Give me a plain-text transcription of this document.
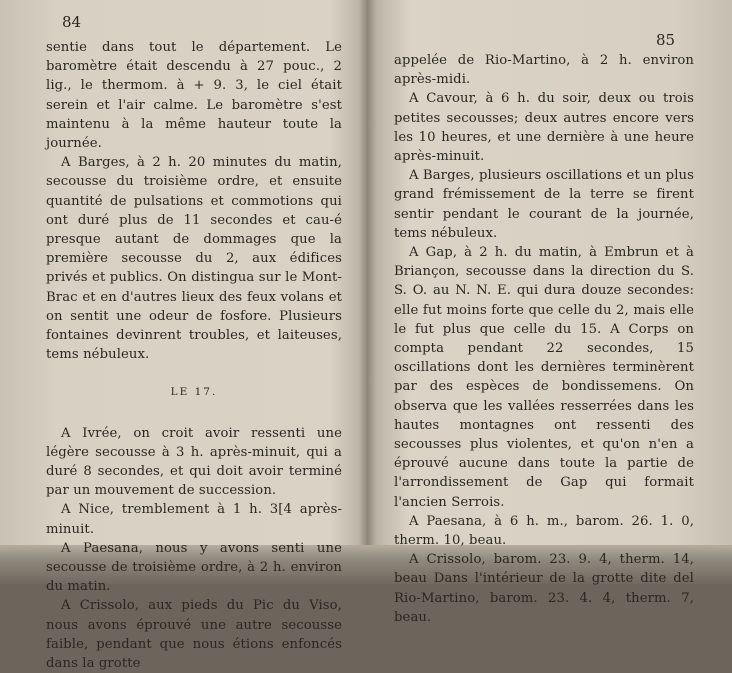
84

sentie dans tout le département. Le baromètre était descendu à 27 pouc., 2 lig., le thermom. à + 9. 3, le ciel était serein et l'air calme. Le baromètre s'est maintenu à la même hauteur toute la journée.

A Barges, à 2 h. 20 minutes du matin, secousse du troisième ordre, et ensuite quantité de pulsations et commotions qui ont duré plus de 11 secondes et cau-é presque autant de dommages que la première secousse du 2, aux édifices privés et publics. On distingua sur le Mont-Brac et en d'autres lieux des feux volans et on sentit une odeur de fosfore. Plusieurs fontaines devinrent troubles, et laiteuses, tems nébuleux.

LE 17.

A Ivrée, on croit avoir ressenti une légère secousse à 3 h. après-minuit, qui a duré 8 secondes, et qui doit avoir terminé par un mouvement de succession.

A Nice, tremblement à 1 h. 3[4 après-minuit.

A Paesana, nous y avons senti une secousse de troisième ordre, à 2 h. environ du matin.

A Crissolo, aux pieds du Pic du Viso, nous avons éprouvé une autre secousse faible, pendant que nous étions enfoncés dans la grotte

85

appelée de Rio-Martino, à 2 h. environ après-midi.

A Cavour, à 6 h. du soir, deux ou trois petites secousses; deux autres encore vers les 10 heures, et une dernière à une heure après-minuit.

A Barges, plusieurs oscillations et un plus grand frémissement de la terre se firent sentir pendant le courant de la journée, tems nébuleux.

A Gap, à 2 h. du matin, à Embrun et à Briançon, secousse dans la direction du S. S. O. au N. N. E. qui dura douze secondes: elle fut moins forte que celle du 2, mais elle le fut plus que celle du 15. A Corps on compta pendant 22 secondes, 15 oscillations dont les dernières terminèrent par des espèces de bondissemens. On observa que les vallées resserrées dans les hautes montagnes ont ressenti des secousses plus violentes, et qu'on n'en a éprouvé aucune dans toute la partie de l'arrondissement de Gap qui formait l'ancien Serrois.

A Paesana, à 6 h. m., barom. 26. 1. 0, therm. 10, beau.

A Crissolo, barom. 23. 9. 4, therm. 14, beau Dans l'intérieur de la grotte dite del Rio-Martino, barom. 23. 4. 4, therm. 7, beau.
